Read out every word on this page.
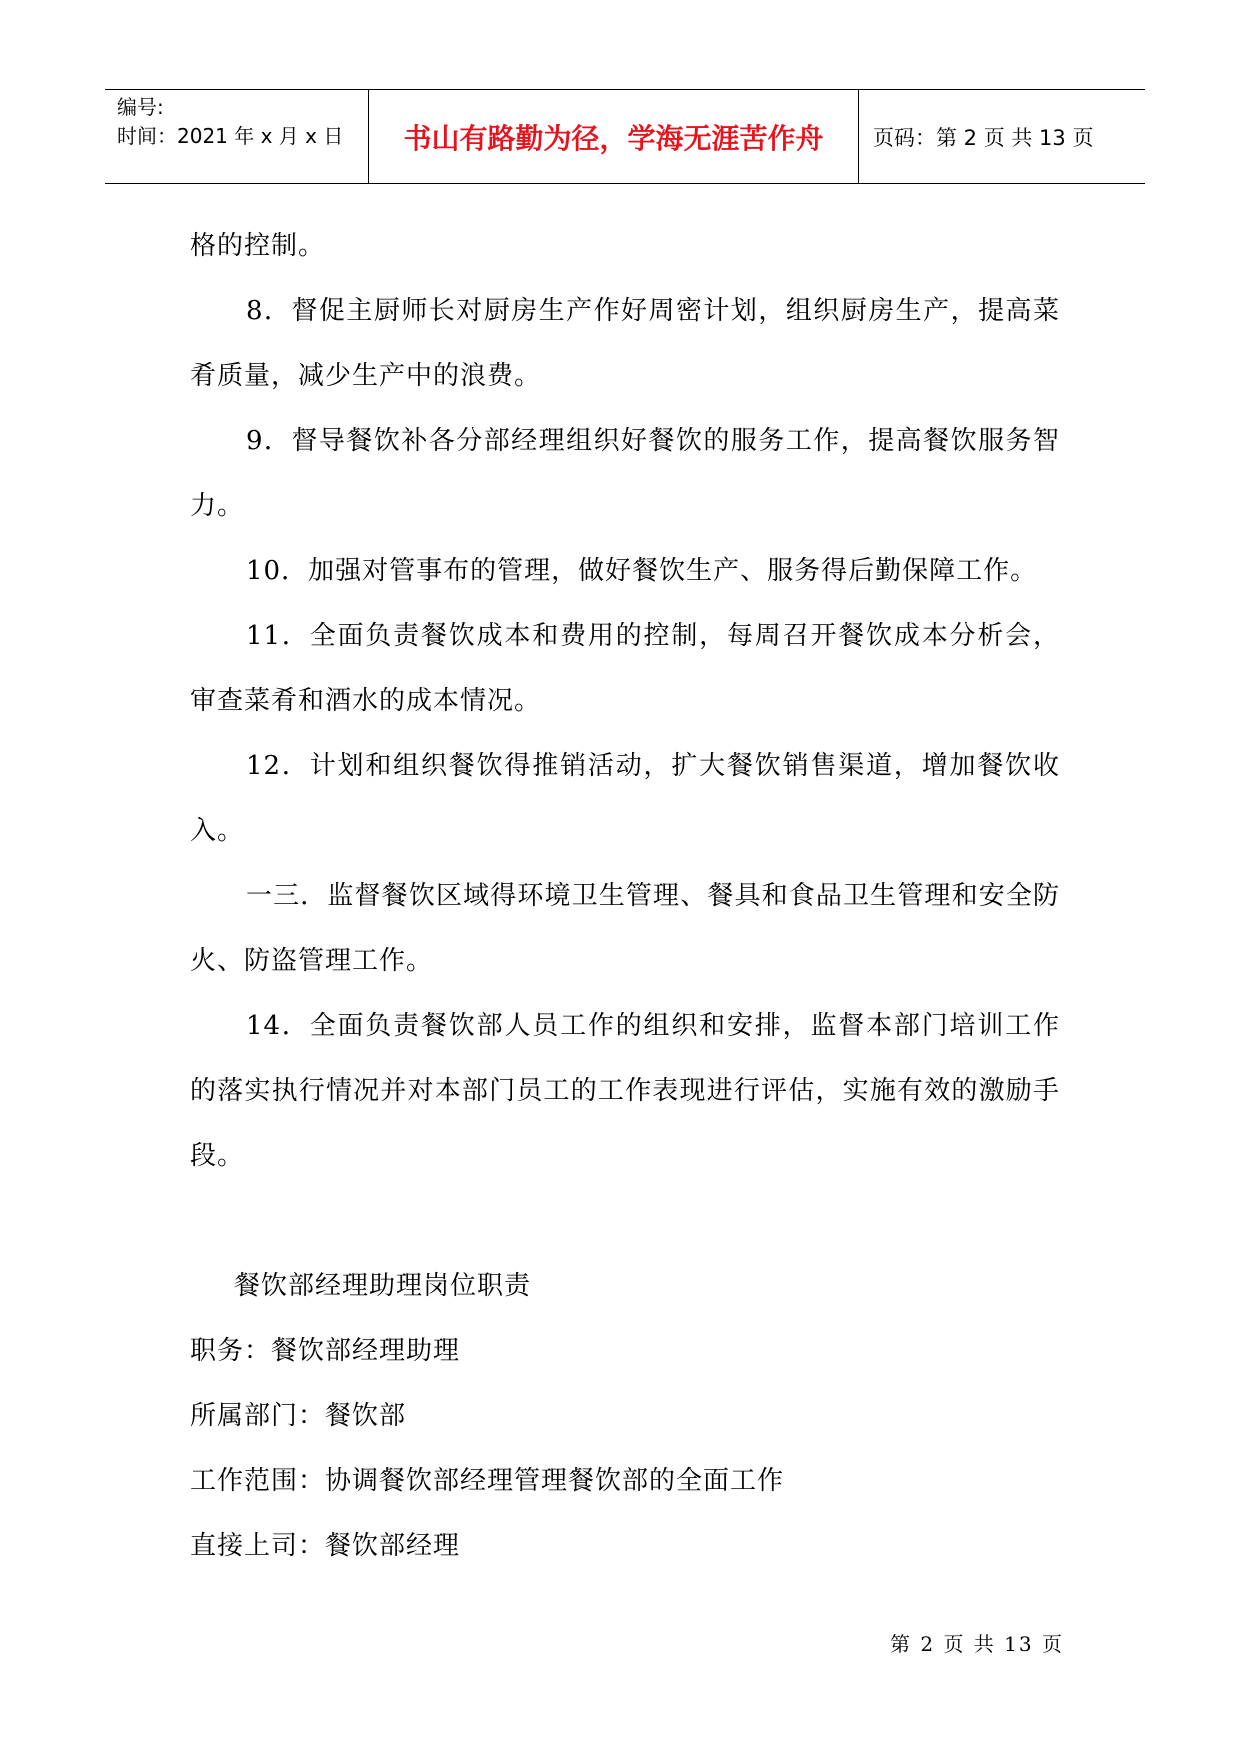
编号:
时间：2021 年 x 月 x 日	书山有路勤为径，学海无涯苦作舟	页码：第 2 页 共 13 页

格的控制。

8．督促主厨师长对厨房生产作好周密计划，组织厨房生产，提高菜肴质量，减少生产中的浪费。

9．督导餐饮补各分部经理组织好餐饮的服务工作，提高餐饮服务智力。

10．加强对管事布的管理，做好餐饮生产、服务得后勤保障工作。

11．全面负责餐饮成本和费用的控制，每周召开餐饮成本分析会，审查菜肴和酒水的成本情况。

12．计划和组织餐饮得推销活动，扩大餐饮销售渠道，增加餐饮收入。

一三．监督餐饮区域得环境卫生管理、餐具和食品卫生管理和安全防火、防盗管理工作。

14．全面负责餐饮部人员工作的组织和安排，监督本部门培训工作的落实执行情况并对本部门员工的工作表现进行评估，实施有效的激励手段。

餐饮部经理助理岗位职责

职务：餐饮部经理助理

所属部门：餐饮部

工作范围：协调餐饮部经理管理餐饮部的全面工作

直接上司：餐饮部经理

第 2 页 共 13 页
